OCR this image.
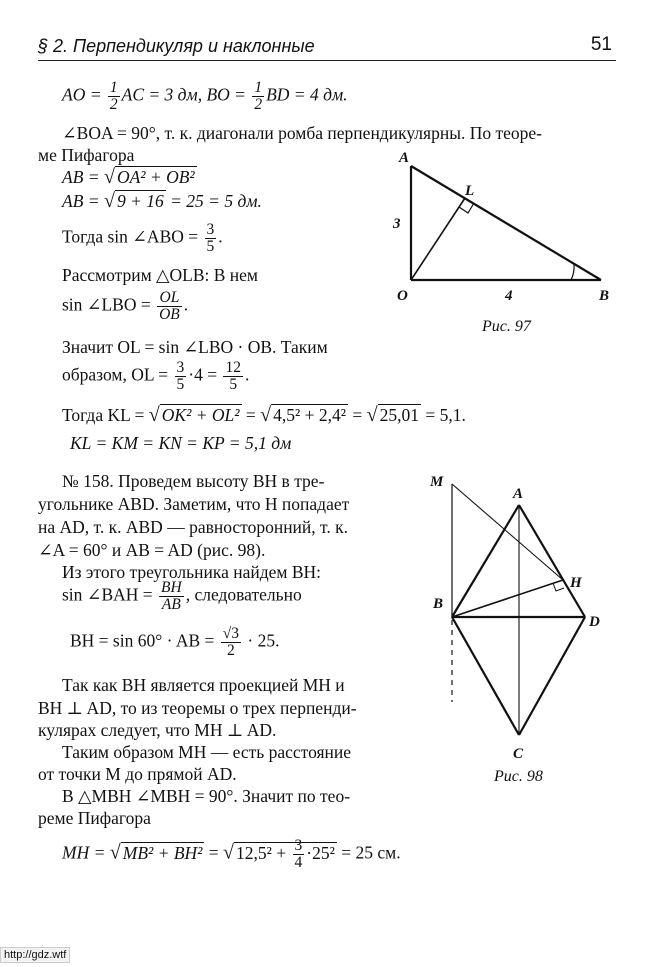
§ 2. Перпендикуляр и наклонные	51
AO = $\frac{1}{2}$ AC = 3 дм, BO = $\frac{1}{2}$ BD = 4 дм.
∠BOA = 90°, т. к. диагонали ромба перпендикулярны. По теоре-
ме Пифагора
AB = √ OA² + OB²
AB = √ 9 + 16 = 25 = 5 дм.
Тогда sin ∠ABO = $\frac{3}{5}$ .
Рассмотрим △OLB: В нем
sin ∠LBO = $\frac{OL}{OB}$ .
Значит OL = sin ∠LBO · OB. Таким
образом, OL = $\frac{3}{5} \cdot 4 = \frac{12}{5}$ .
Тогда KL = √ OK² + OL² = √ 4,5² + 2,4² = √ 25,01 = 5,1.
KL = KM = KN = KP = 5,1 дм
№ 158. Проведем высоту BH в тре-
угольнике ABD. Заметим, что H попадает
на AD, т. к. ABD — равносторонний, т. к.
∠A = 60° и AB = AD (рис. 98).
Из этого треугольника найдем BH:
sin ∠BAH = $\frac{BH}{AB}$ , следовательно
BH = sin 60° · AB = $\frac{√3}{2} \cdot 25$.
Так как BH является проекцией MH и
BH ⊥ AD, то из теоремы о трех перпенди-
кулярах следует, что MH ⊥ AD.
Таким образом MH — есть расстояние
от точки M до прямой AD.
В △MBH ∠MBH = 90°. Значит по тео-
реме Пифагора
MH = √ MB² + BH² = √ $12,5^2 + \frac{3}{4} \cdot 25^2 = 25$ см.
A
L
O	B
3
4
Рис. 97
M
A
H
B
D
C
Рис. 98
http://gdz.wtf
